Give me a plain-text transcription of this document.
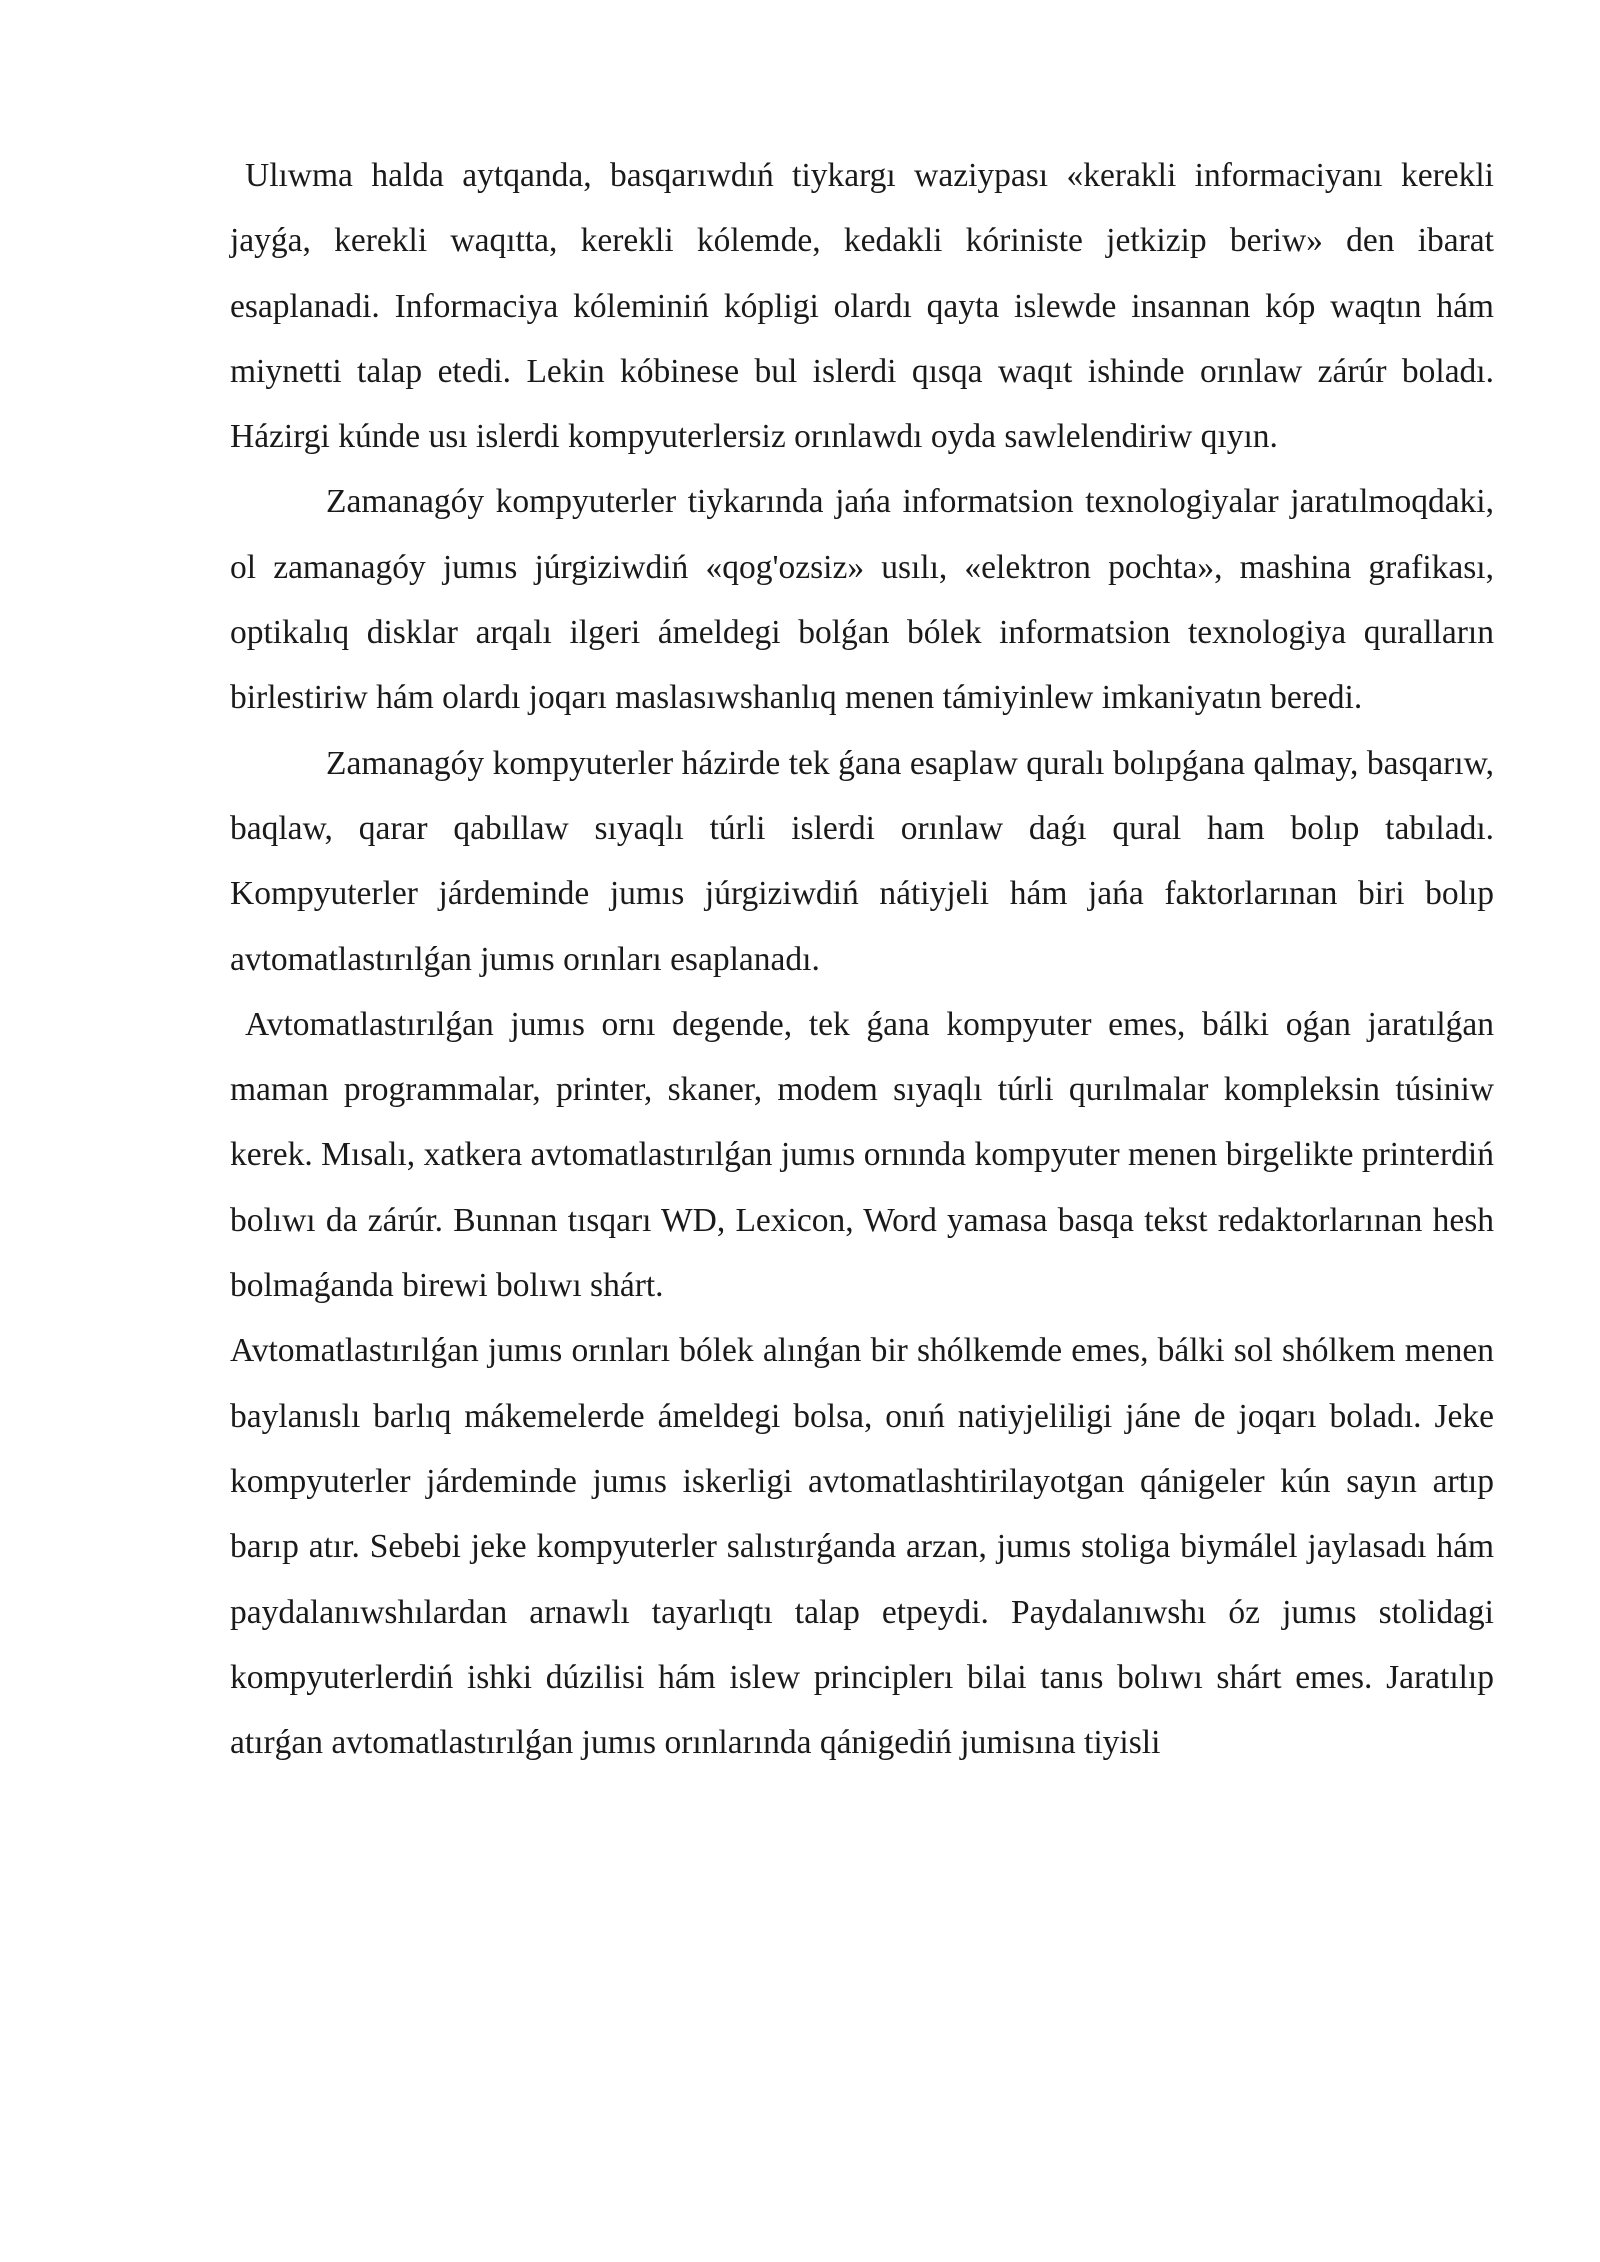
Ulıwma halda aytqanda, basqarıwdıń tiykargı waziypası «kerakli informaciyanı kerekli jayǵa, kerekli waqıtta, kerekli kólemde, kedakli kóriniste jetkizip beriw» den ibarat esaplanadi. Informaciya kóleminiń kópligi olardı qayta islewde insannan kóp waqtın hám miynetti talap etedi. Lekin kóbinese bul islerdi qısqa waqıt ishinde orınlaw zárúr boladı. Házirgi kúnde usı islerdi kompyuterlersiz orınlawdı oyda sawlelendiriw qıyın.

Zamanagóy kompyuterler tiykarında jańa informatsion texnologiyalar jaratılmoqdaki, ol zamanagóy jumıs júrgiziwdiń «qog'ozsiz» usılı, «elektron pochta», mashina grafikası, optikalıq disklar arqalı ilgeri ámeldegi bolǵan bólek informatsion texnologiya quralların birlestiriw hám olardı joqarı maslasıwshanlıq menen támiyinlew imkaniyatın beredi.

Zamanagóy kompyuterler házirde tek ǵana esaplaw quralı bolıpǵana qalmay, basqarıw, baqlaw, qarar qabıllaw sıyaqlı túrli islerdi orınlaw daǵı qural ham bolıp tabıladı. Kompyuterler járdeminde jumıs júrgiziwdiń nátiyjeli hám jańa faktorlarınan biri bolıp avtomatlastırılǵan jumıs orınları esaplanadı.

Avtomatlastırılǵan jumıs ornı degende, tek ǵana kompyuter emes, bálki oǵan jaratılǵan maman programmalar, printer, skaner, modem sıyaqlı túrli qurılmalar kompleksin túsiniw kerek. Mısalı, xatkera avtomatlastırılǵan jumıs ornında kompyuter menen birgelikte printerdiń bolıwı da zárúr. Bunnan tısqarı WD, Lexicon, Word yamasa basqa tekst redaktorlarınan hesh bolmaǵanda birewi bolıwı shárt.

Avtomatlastırılǵan jumıs orınları bólek alınǵan bir shólkemde emes, bálki sol shólkem menen baylanıslı barlıq mákemelerde ámeldegi bolsa, onıń natiyjeliligi jáne de joqarı boladı. Jeke kompyuterler járdeminde jumıs iskerligi avtomatlashtirilayotgan qánigeler kún sayın artıp barıp atır. Sebebi jeke kompyuterler salıstırǵanda arzan, jumıs stoliga biymálel jaylasadı hám paydalanıwshılardan arnawlı tayarlıqtı talap etpeydi. Paydalanıwshı óz jumıs stolidagi kompyuterlerdiń ishki dúzilisi hám islew principlerı bilai tanıs bolıwı shárt emes. Jaratılıp atırǵan avtomatlastırılǵan jumıs orınlarında qánigediń jumisına tiyisli
